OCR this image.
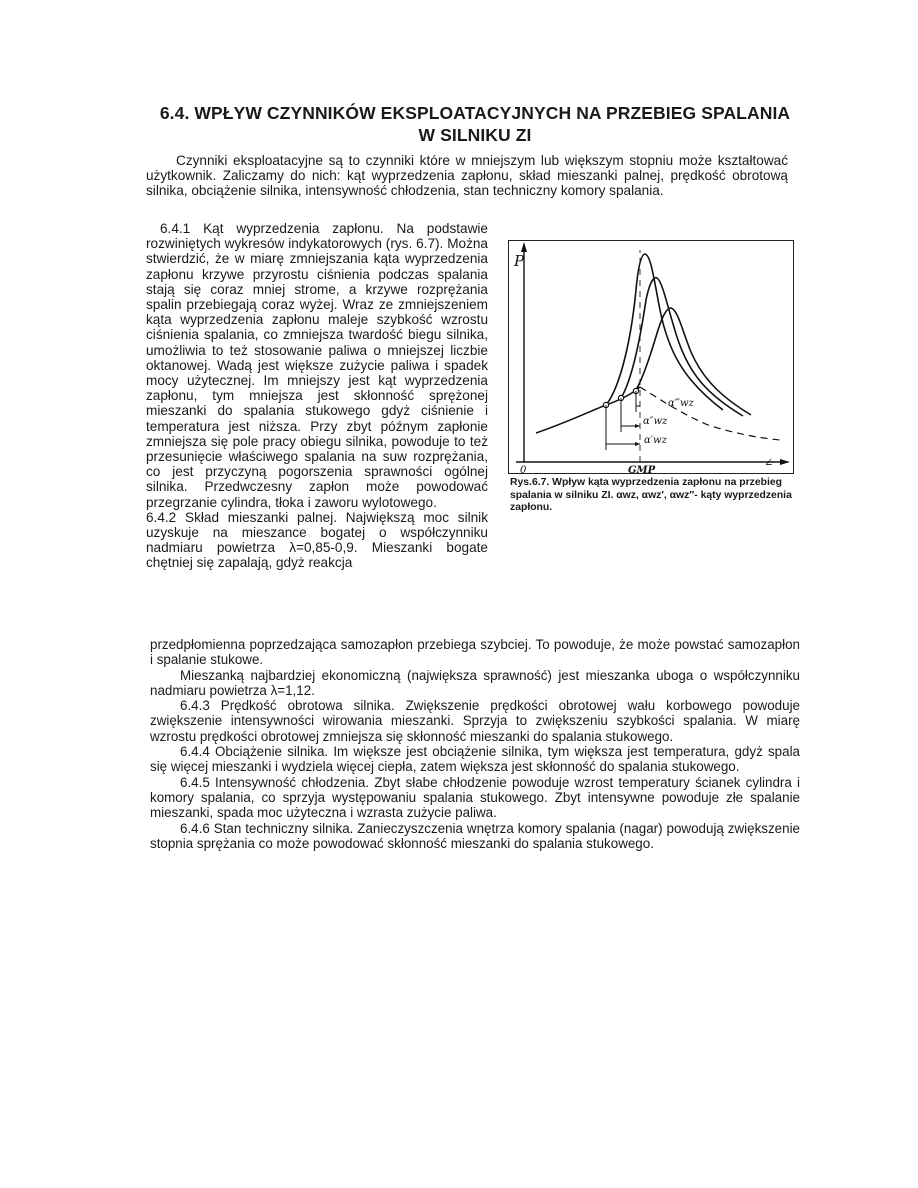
6.4. WPŁYW CZYNNIKÓW EKSPLOATACYJNYCH NA PRZEBIEG SPALANIA
W SILNIKU ZI

Czynniki eksploatacyjne są to czynniki które w mniejszym lub większym stopniu może kształtować użytkownik. Zaliczamy do nich: kąt wyprzedzenia zapłonu, skład mieszanki palnej, prędkość obrotową silnika, obciążenie silnika, intensywność chłodzenia, stan techniczny komory spalania.

6.4.1 Kąt wyprzedzenia zapłonu. Na podstawie rozwiniętych wykresów indykatorowych (rys. 6.7). Można stwierdzić, że w miarę zmniejszania kąta wyprzedzenia zapłonu krzywe przyrostu ciśnienia podczas spalania stają się coraz mniej strome, a krzywe rozprężania spalin przebiegają coraz wyżej. Wraz ze zmniejszeniem kąta wyprzedzenia zapłonu maleje szybkość wzrostu ciśnienia spalania, co zmniejsza twardość biegu silnika, umożliwia to też stosowanie paliwa o mniejszej liczbie oktanowej. Wadą jest większe zużycie paliwa i spadek mocy użytecznej. Im mniejszy jest kąt wyprzedzenia zapłonu, tym mniejsza jest skłonność sprężonej mieszanki do spalania stukowego gdyż ciśnienie i temperatura jest niższa. Przy zbyt późnym zapłonie zmniejsza się pole pracy obiegu silnika, powoduje to też przesunięcie właściwego spalania na suw rozprężania, co jest przyczyną pogorszenia sprawności ogólnej silnika. Przedwczesny zapłon może powodować przegrzanie cylindra, tłoka i zaworu wylotowego.

6.4.2 Skład mieszanki palnej. Największą moc silnik uzyskuje na mieszance bogatej o współczynniku nadmiaru powietrza λ=0,85-0,9. Mieszanki bogate chętniej się zapalają, gdyż reakcja

P
0	GMP
∠
α‴wz
α″wz
α′wz
Rys.6.7. Wpływ kąta wyprzedzenia zapłonu na przebieg spalania w silniku ZI. αwz, αwz′, αwz″- kąty wyprzedzenia zapłonu.

przedpłomienna poprzedzająca samozapłon przebiega szybciej. To powoduje, że może powstać samozapłon i spalanie stukowe.

Mieszanką najbardziej ekonomiczną (największa sprawność) jest mieszanka uboga o współczynniku nadmiaru powietrza λ=1,12.

6.4.3 Prędkość obrotowa silnika. Zwiększenie prędkości obrotowej wału korbowego powoduje zwiększenie intensywności wirowania mieszanki. Sprzyja to zwiększeniu szybkości spalania. W miarę wzrostu prędkości obrotowej zmniejsza się skłonność mieszanki do spalania stukowego.

6.4.4 Obciążenie silnika. Im większe jest obciążenie silnika, tym większa jest temperatura, gdyż spala się więcej mieszanki i wydziela więcej ciepła, zatem większa jest skłonność do spalania stukowego.

6.4.5 Intensywność chłodzenia. Zbyt słabe chłodzenie powoduje wzrost temperatury ścianek cylindra i komory spalania, co sprzyja występowaniu spalania stukowego. Zbyt intensywne powoduje złe spalanie mieszanki, spada moc użyteczna i wzrasta zużycie paliwa.

6.4.6 Stan techniczny silnika. Zanieczyszczenia wnętrza komory spalania (nagar) powodują zwiększenie stopnia sprężania co może powodować skłonność mieszanki do spalania stukowego.
